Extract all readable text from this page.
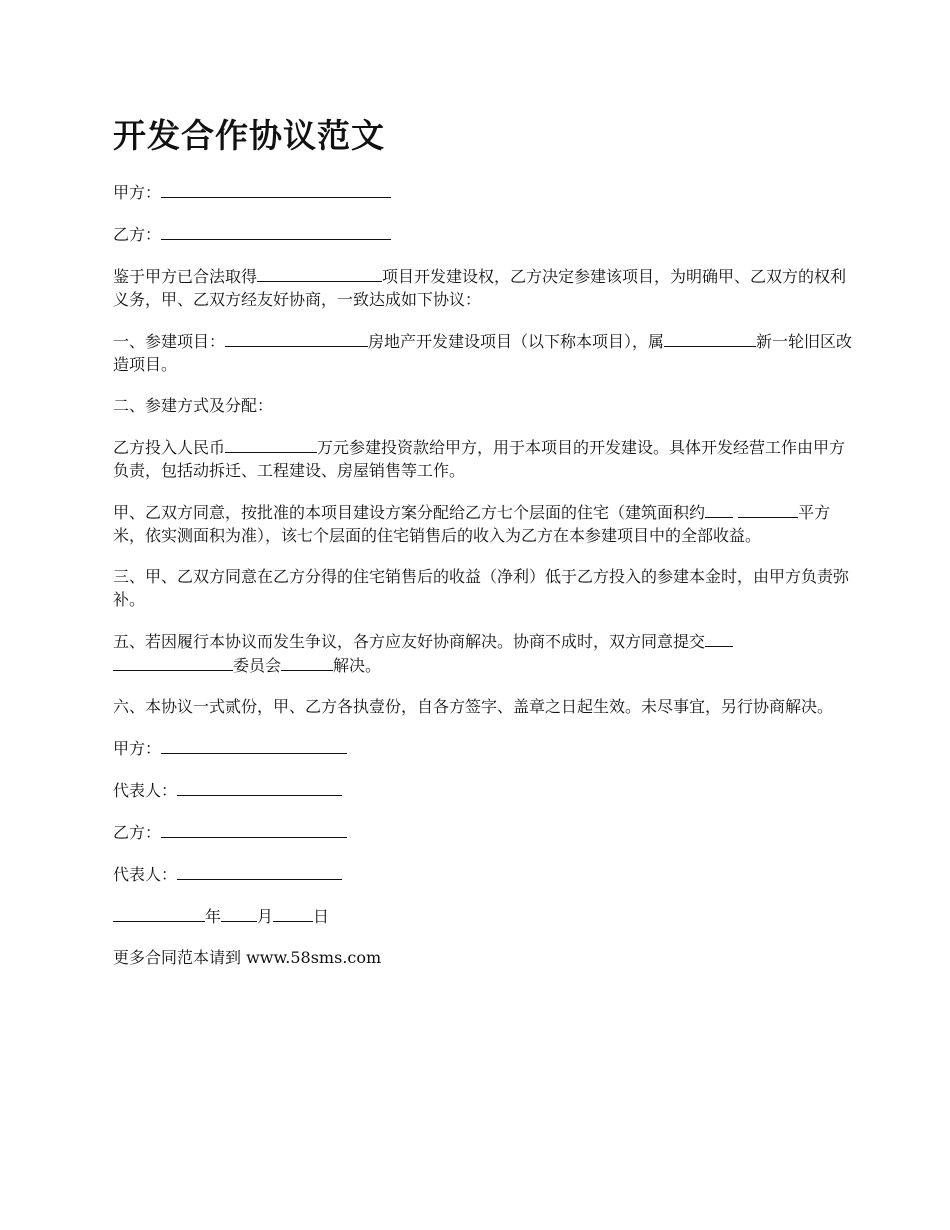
开发合作协议范文

甲方：

乙方：

鉴于甲方已合法取得	项目开发建设权，乙方决定参建该项目，为明确甲、乙双方的权利义务，甲、乙双方经友好协商，一致达成如下协议：

一、参建项目：	房地产开发建设项目（以下称本项目），属	新一轮旧区改造项目。

二、参建方式及分配：

乙方投入人民币	万元参建投资款给甲方，用于本项目的开发建设。具体开发经营工作由甲方负责，包括动拆迁、工程建设、房屋销售等工作。

甲、乙双方同意，按批准的本项目建设方案分配给乙方七个层面的住宅（建筑面积约	平方米，依实测面积为准），该七个层面的住宅销售后的收入为乙方在本参建项目中的全部收益。

三、甲、乙双方同意在乙方分得的住宅销售后的收益（净利）低于乙方投入的参建本金时，由甲方负责弥补。

五、若因履行本协议而发生争议，各方应友好协商解决。协商不成时，双方同意提交 委员会	解决。

六、本协议一式贰份，甲、乙方各执壹份，自各方签字、盖章之日起生效。未尽事宜，另行协商解决。

甲方：

代表人：

乙方：

代表人：

年 月	日

更多合同范本请到 www.58sms.com
